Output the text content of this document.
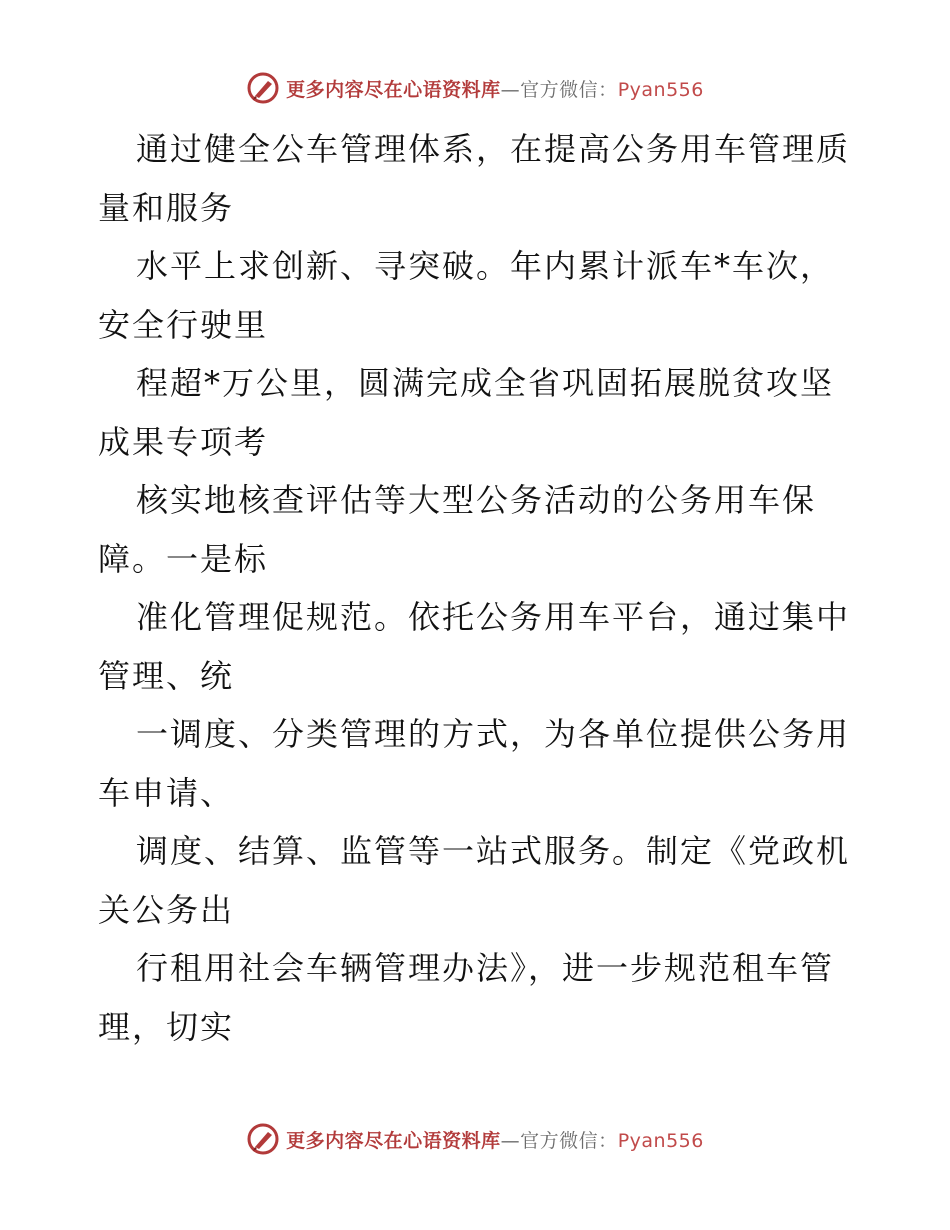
更多内容尽在心语资料库—官方微信：Pyan556

通过健全公车管理体系，在提高公务用车管理质
量和服务

水平上求创新、寻突破。年内累计派车*车次，
安全行驶里

程超*万公里，圆满完成全省巩固拓展脱贫攻坚
成果专项考

核实地核查评估等大型公务活动的公务用车保
障。一是标

准化管理促规范。依托公务用车平台，通过集中
管理、统

一调度、分类管理的方式，为各单位提供公务用
车申请、

调度、结算、监管等一站式服务。制定《党政机
关公务出

行租用社会车辆管理办法》，进一步规范租车管
理，切实

更多内容尽在心语资料库—官方微信：Pyan556
